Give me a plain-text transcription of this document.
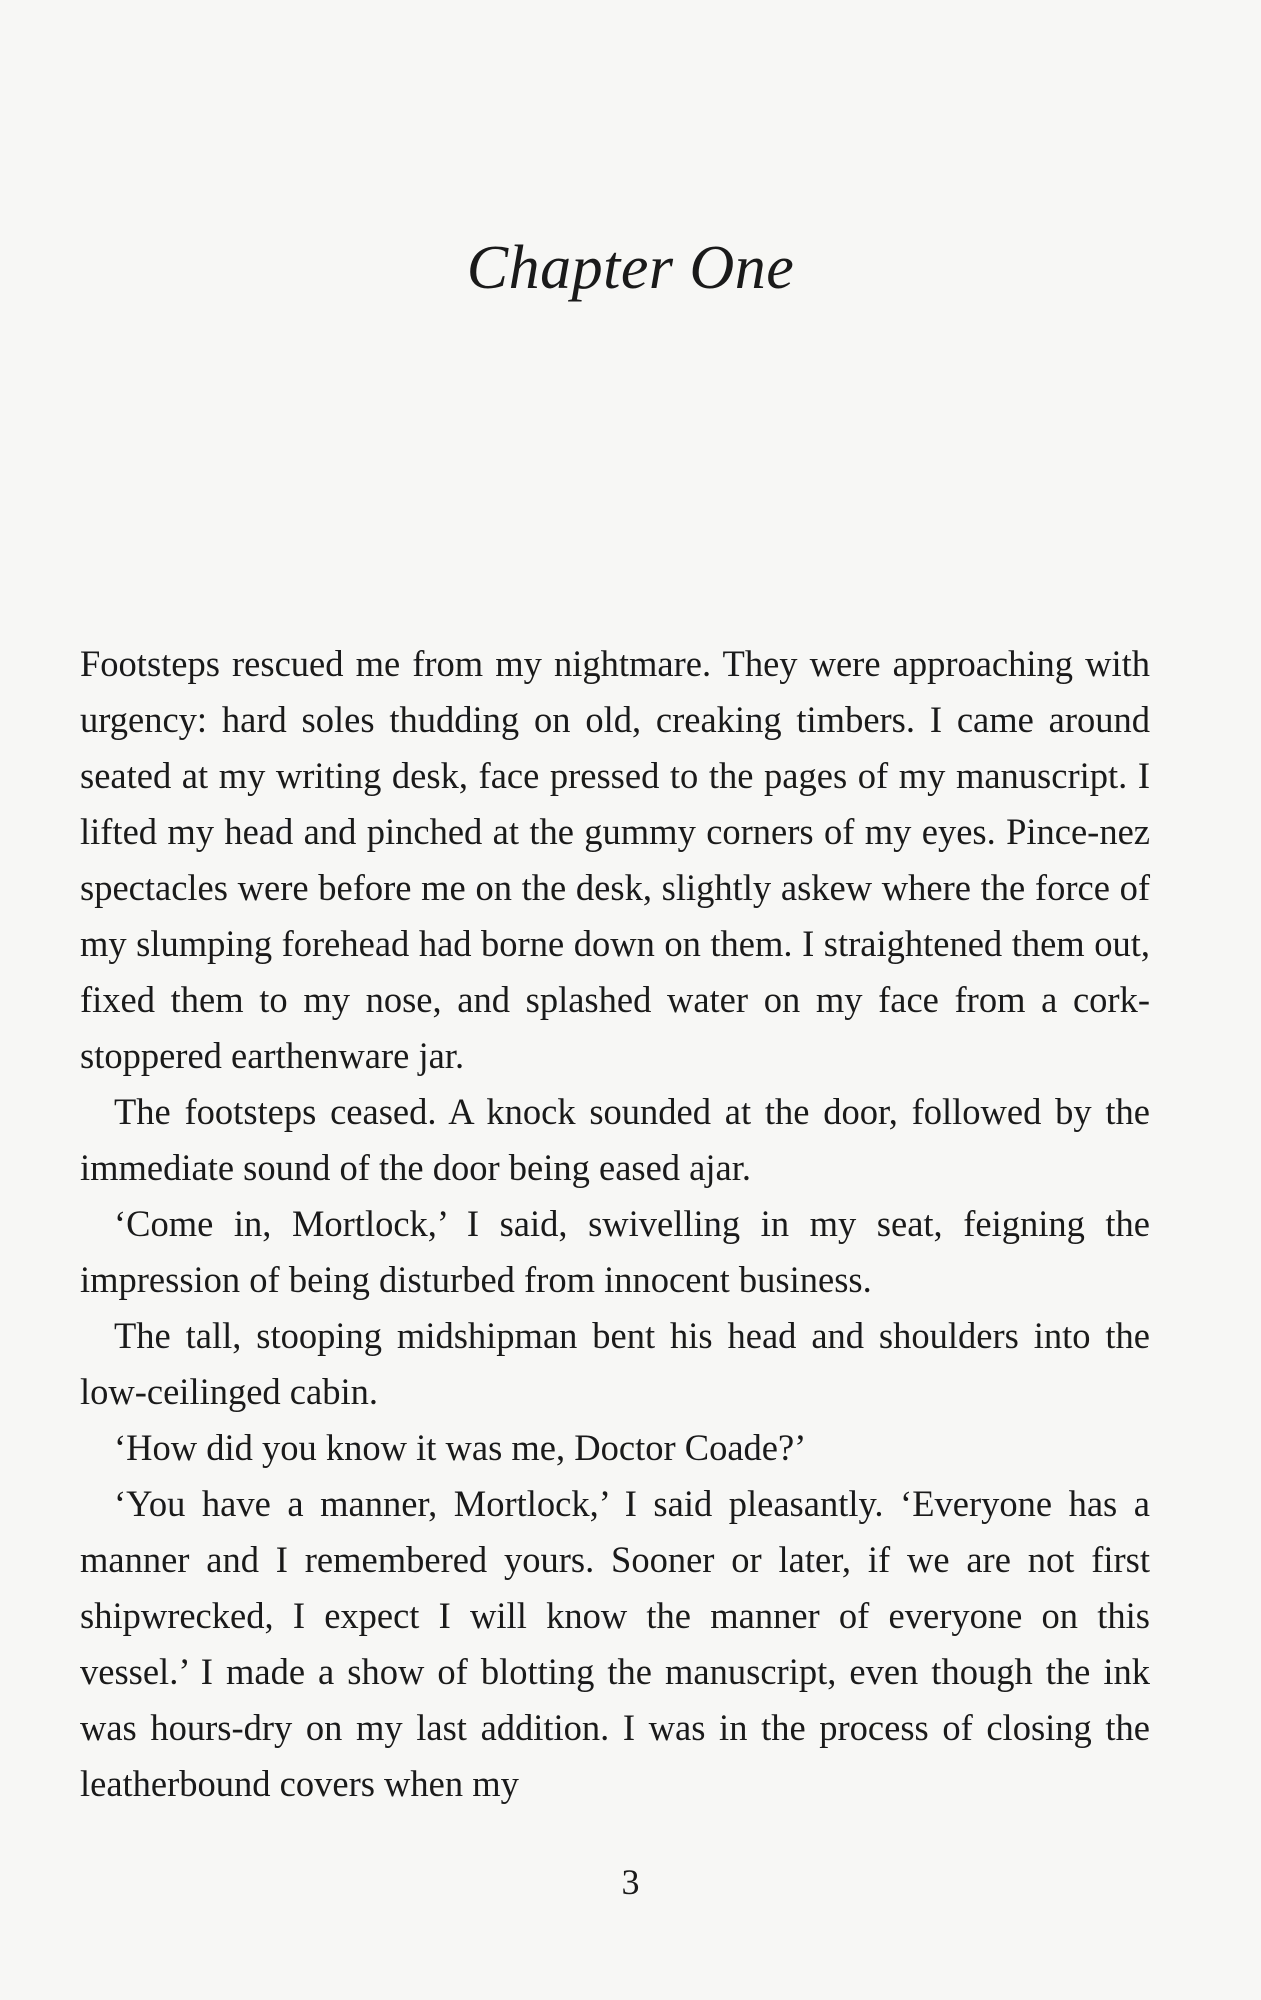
Chapter One

Footsteps rescued me from my nightmare. They were approaching with urgency: hard soles thudding on old, creaking timbers. I came around seated at my writing desk, face pressed to the pages of my manuscript. I lifted my head and pinched at the gummy corners of my eyes. Pince-nez spectacles were before me on the desk, slightly askew where the force of my slumping forehead had borne down on them. I straightened them out, fixed them to my nose, and splashed water on my face from a cork-stoppered earthenware jar.

The footsteps ceased. A knock sounded at the door, followed by the immediate sound of the door being eased ajar.

‘Come in, Mortlock,’ I said, swivelling in my seat, feigning the impression of being disturbed from innocent business.

The tall, stooping midshipman bent his head and shoulders into the low-ceilinged cabin.

‘How did you know it was me, Doctor Coade?’

‘You have a manner, Mortlock,’ I said pleasantly. ‘Everyone has a manner and I remembered yours. Sooner or later, if we are not first shipwrecked, I expect I will know the manner of everyone on this vessel.’ I made a show of blotting the manuscript, even though the ink was hours-dry on my last addition. I was in the process of closing the leatherbound covers when my

3
